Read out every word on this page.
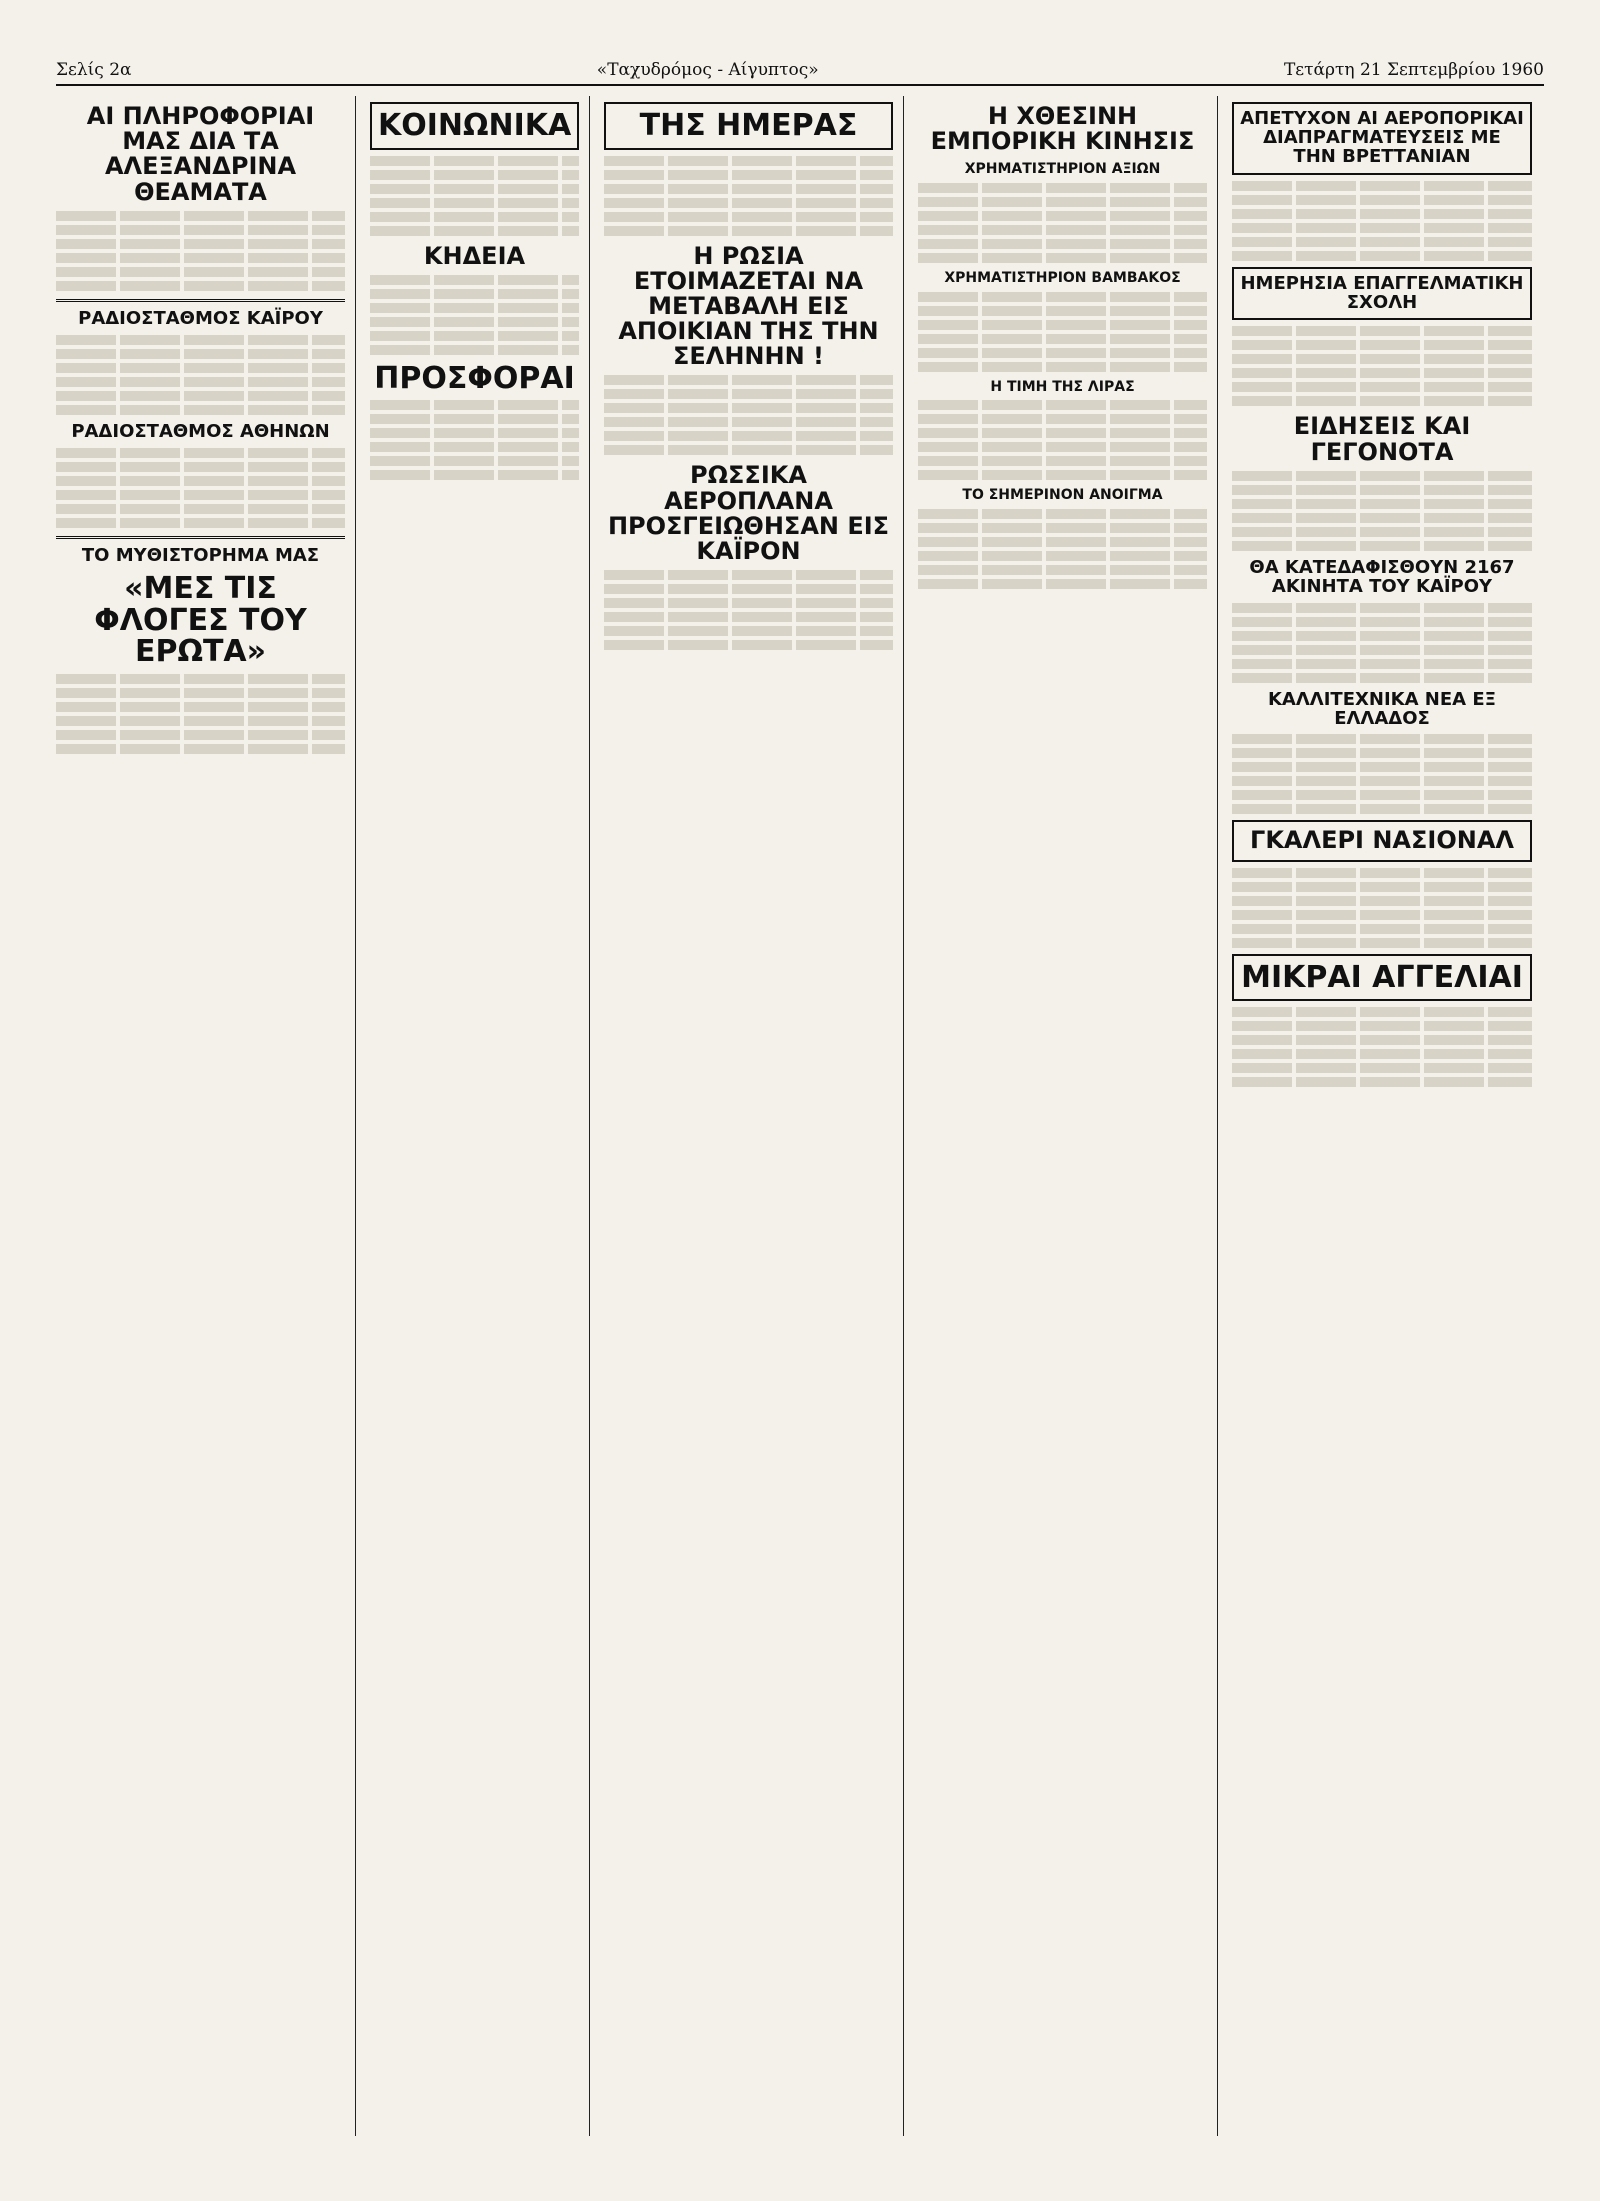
Σελίς 2α	«Ταχυδρόμος - Αίγυπτος»	Τετάρτη 21 Σεπτεμβρίου 1960
ΑΙ ΠΛΗΡΟΦΟΡΙΑΙ ΜΑΣ ΔΙΑ ΤΑ ΑΛΕΞΑΝΔΡΙΝΑ ΘΕΑΜΑΤΑ
ΡΑΔΙΟΣΤΑΘΜΟΣ ΚΑΪΡΟΥ
ΡΑΔΙΟΣΤΑΘΜΟΣ ΑΘΗΝΩΝ
ΤΟ ΜΥΘΙΣΤΟΡΗΜΑ ΜΑΣ
«ΜΕΣ ΤΙΣ ΦΛΟΓΕΣ ΤΟΥ ΕΡΩΤΑ»
ΚΟΙΝΩΝΙΚΑ
ΚΗΔΕΙΑ
ΠΡΟΣΦΟΡΑΙ
ΤΗΣ ΗΜΕΡΑΣ
Η ΡΩΣΙΑ ΕΤΟΙΜΑΖΕΤΑΙ ΝΑ ΜΕΤΑΒΑΛΗ ΕΙΣ ΑΠΟΙΚΙΑΝ ΤΗΣ ΤΗΝ ΣΕΛΗΝΗΝ !
ΡΩΣΣΙΚΑ ΑΕΡΟΠΛΑΝΑ ΠΡΟΣΓΕΙΩΘΗΣΑΝ ΕΙΣ ΚΑΪΡΟΝ
Η ΧΘΕΣΙΝΗ ΕΜΠΟΡΙΚΗ ΚΙΝΗΣΙΣ
ΧΡΗΜΑΤΙΣΤΗΡΙΟΝ ΑΞΙΩΝ
ΧΡΗΜΑΤΙΣΤΗΡΙΟΝ ΒΑΜΒΑΚΟΣ
Η ΤΙΜΗ ΤΗΣ ΛΙΡΑΣ
ΤΟ ΣΗΜΕΡΙΝΟΝ ΑΝΟΙΓΜΑ
ΑΠΕΤΥΧΟΝ ΑΙ ΑΕΡΟΠΟΡΙΚΑΙ ΔΙΑΠΡΑΓΜΑΤΕΥΣΕΙΣ ΜΕ ΤΗΝ ΒΡΕΤΤΑΝΙΑΝ
ΗΜΕΡΗΣΙΑ ΕΠΑΓΓΕΛΜΑΤΙΚΗ ΣΧΟΛΗ
ΕΙΔΗΣΕΙΣ ΚΑΙ ΓΕΓΟΝΟΤΑ
ΘΑ ΚΑΤΕΔΑΦΙΣΘΟΥΝ 2167 ΑΚΙΝΗΤΑ ΤΟΥ ΚΑΪΡΟΥ
ΚΑΛΛΙΤΕΧΝΙΚΑ ΝΕΑ ΕΞ ΕΛΛΑΔΟΣ
ΓΚΑΛΕΡΙ ΝΑΣΙΟΝΑΛ
ΜΙΚΡΑΙ ΑΓΓΕΛΙΑΙ
